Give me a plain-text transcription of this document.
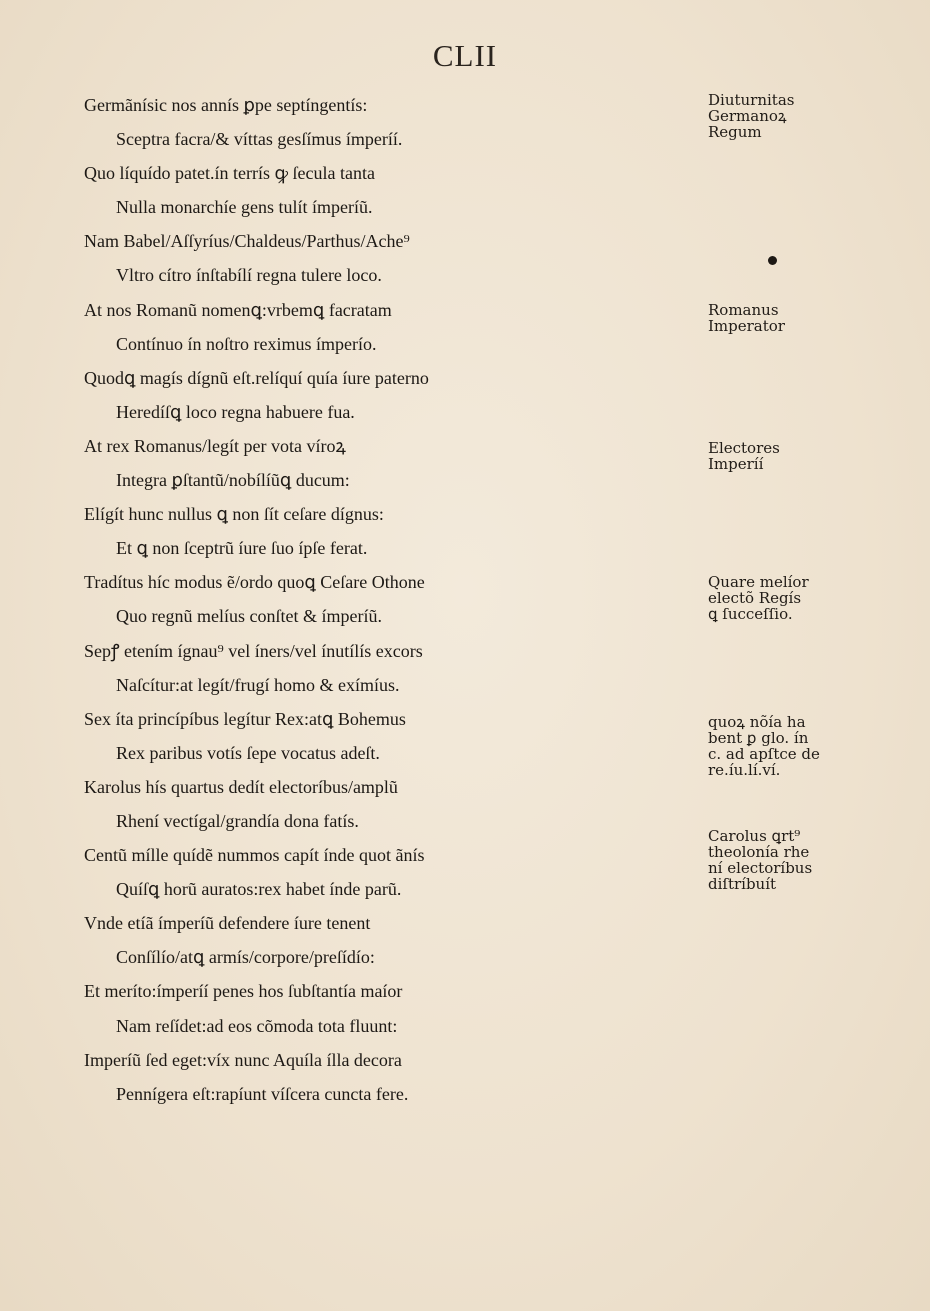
CLII
Germãnísic nos annís ꝑpe septíngentís:
Sceptra facra/& víttas gesſímus ímperíí.
Quo líquído patet.ín terrís ꝙ ſecula tanta
Nulla monarchíe gens tulít ímperíũ.
Nam Babel/Aſſyríus/Chaldeus/Parthus/Ache⁹
Vltro cítro ínſtabílí regna tulere loco.
At nos Romanũ nomenꝗ:vrbemꝗ facratam
Contínuo ín noſtro reximus ímperío.
Quodꝗ magís dígnũ eſt.relíquí quía íure paterno
Heredíſꝗ loco regna habuere fua.
At rex Romanus/legít per vota víroꝝ
Integra ꝑſtantũ/nobílíũꝗ ducum:
Elígít hunc nullus ꝗ non ſít ceſare dígnus:
Et ꝗ non ſceptrũ íure ſuo ípſe ferat.
Tradítus híc modus ẽ/ordo quoꝗ Ceſare Othone
Quo regnũ melíus conſtet & ímperíũ.
Sepꝭ etením ígnau⁹ vel íners/vel ínutílís excors
Naſcítur:at legít/frugí homo & exímíus.
Sex íta princípíbus legítur Rex:atꝗ Bohemus
Rex paribus votís ſepe vocatus adeſt.
Karolus hís quartus dedít electoríbus/amplũ
Rhení vectígal/grandía dona fatís.
Centũ mílle quídẽ nummos capít índe quot ãnís
Quíſꝗ horũ auratos:rex habet índe parũ.
Vnde etíã ímperíũ defendere íure tenent
Conſílío/atꝗ armís/corpore/preſídío:
Et meríto:ímperíí penes hos ſubſtantía maíor
Nam reſídet:ad eos cõmoda tota fluunt:
Imperíũ ſed eget:víx nunc Aquíla ílla decora
Pennígera eſt:rapíunt víſcera cuncta fere.
Diuturnitas
Germanoꝝ
Regum
Romanus
Imperator
Electores
Imperíí
Quare melíor
electõ Regís
ꝗ ſucceſſio.
quoꝝ nõía ha
bent ꝑ glo. ín
c. ad apſtce de
re.íu.lí.ví.
Carolus ꝗrt⁹
theolonía rhe
ní electoríbus
diſtríbuít
